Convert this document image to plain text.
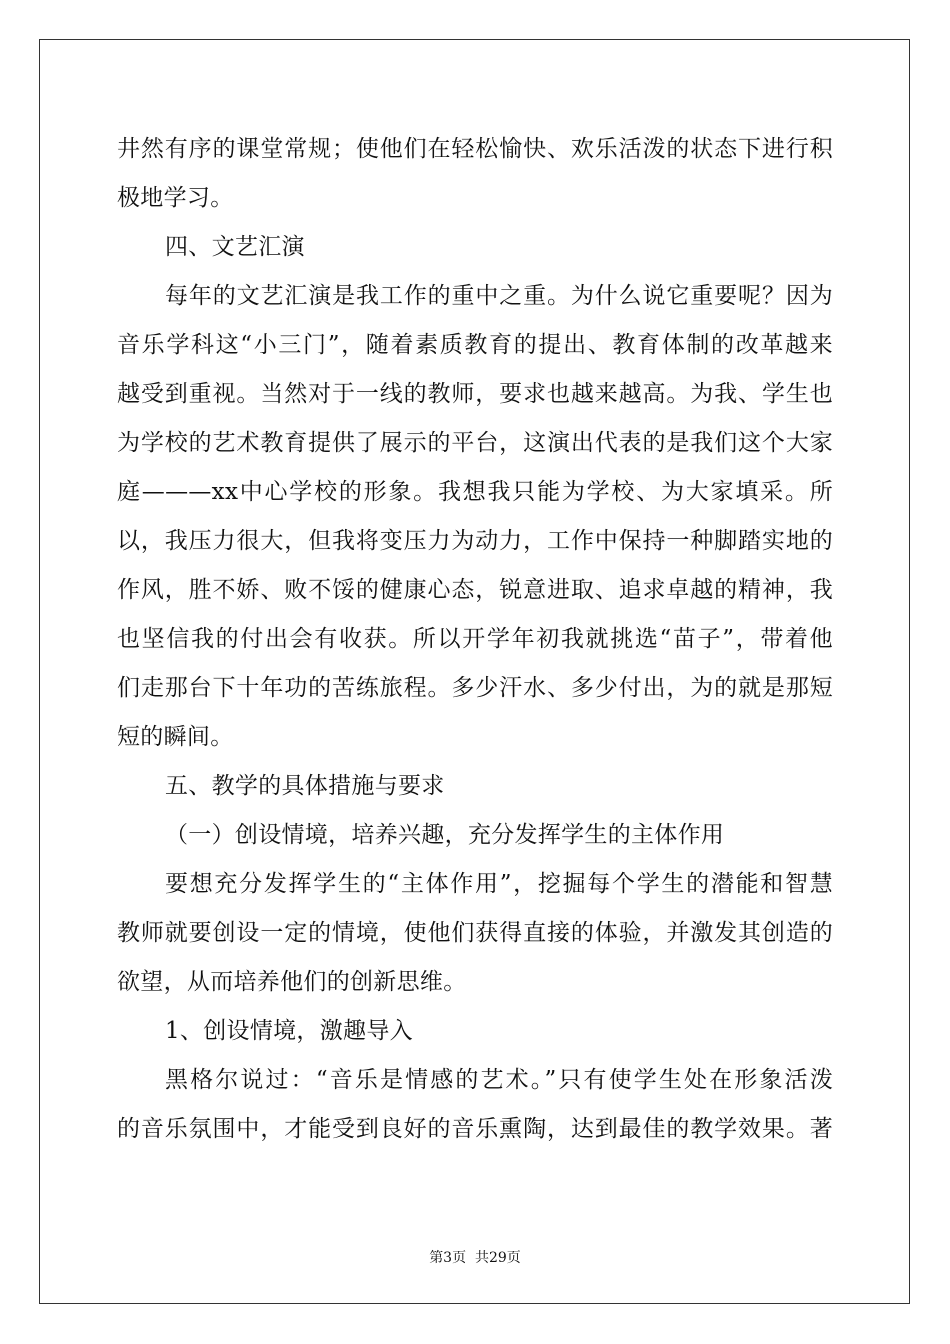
井然有序的课堂常规；使他们在轻松愉快、欢乐活泼的状态下进行积
极地学习。
四、文艺汇演
每年的文艺汇演是我工作的重中之重。为什么说它重要呢？因为
音乐学科这“小三门”，随着素质教育的提出、教育体制的改革越来
越受到重视。当然对于一线的教师，要求也越来越高。为我、学生也
为学校的艺术教育提供了展示的平台，这演出代表的是我们这个大家
庭———xx中心学校的形象。我想我只能为学校、为大家填采。所
以，我压力很大，但我将变压力为动力，工作中保持一种脚踏实地的
作风，胜不娇、败不馁的健康心态，锐意进取、追求卓越的精神，我
也坚信我的付出会有收获。所以开学年初我就挑选“苗子”，带着他
们走那台下十年功的苦练旅程。多少汗水、多少付出，为的就是那短
短的瞬间。
五、教学的具体措施与要求
（一）创设情境，培养兴趣，充分发挥学生的主体作用
要想充分发挥学生的“主体作用”，挖掘每个学生的潜能和智慧
教师就要创设一定的情境，使他们获得直接的体验，并激发其创造的
欲望，从而培养他们的创新思维。
1、创设情境，激趣导入
黑格尔说过：“音乐是情感的艺术。”只有使学生处在形象活泼
的音乐氛围中，才能受到良好的音乐熏陶，达到最佳的教学效果。著
第3页  共29页
